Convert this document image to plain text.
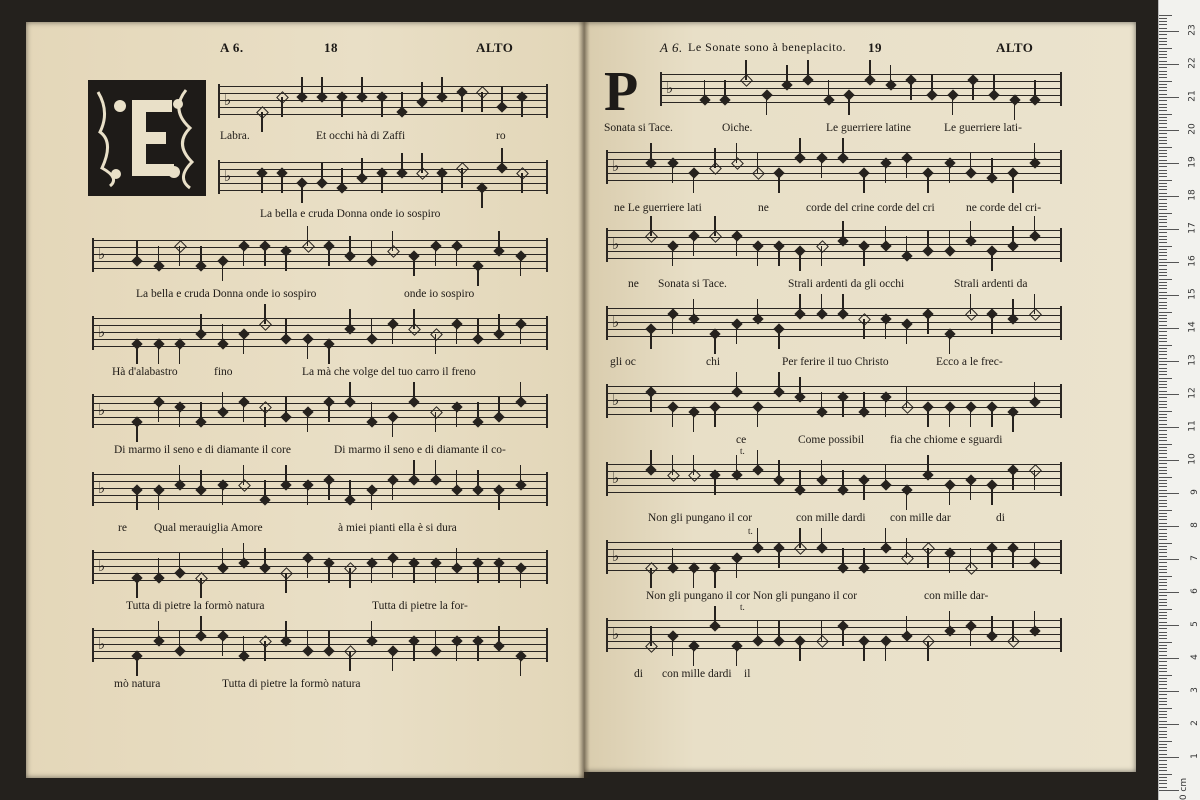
A 6.	18	ALTO
♭
♭
♭
♭
♭
♭
♭
♭
Labra.	Et occhi hà di Zaffi	ro
La bella e cruda Donna onde io sospiro
La bella e cruda Donna onde io sospiro	onde io sospiro
Hà d'alabastro	fino	La mà che volge del tuo carro il freno
Di marmo il seno e di diamante il core	Di marmo il seno e di diamante il co-
re Qual merauiglia Amore	à miei pianti ella è si dura
Tutta di pietre la formò natura	Tutta di pietre la for-
mò natura	Tutta di pietre la formò natura
A 6. Le Sonate sono à beneplacito. 19	ALTO
P ♭
♭
♭
♭
♭
♭
♭
♭
Sonata si Tace.	Oiche.	Le guerriere latine	Le guerriere lati-
ne Le guerriere lati	ne	corde del crine corde del cri	ne corde del cri-
ne Sonata si Tace.	Strali ardenti da gli occhi	Strali ardenti da
gli oc	chi	Per ferire il tuo Christo	Ecco a le frec-
ce	Come possibil fia che chiome e sguardi
t.
Non gli pungano il cor	con mille dardi con mille dar	di
t.
Non gli pungano il cor Non gli pungano il cor	con mille dar-
t.
di con mille dardi il
0 cm
1
2
3
4
5
6
7
8
9
10
11
12
13
14
15
16
17
18
19
20
21
22
23
